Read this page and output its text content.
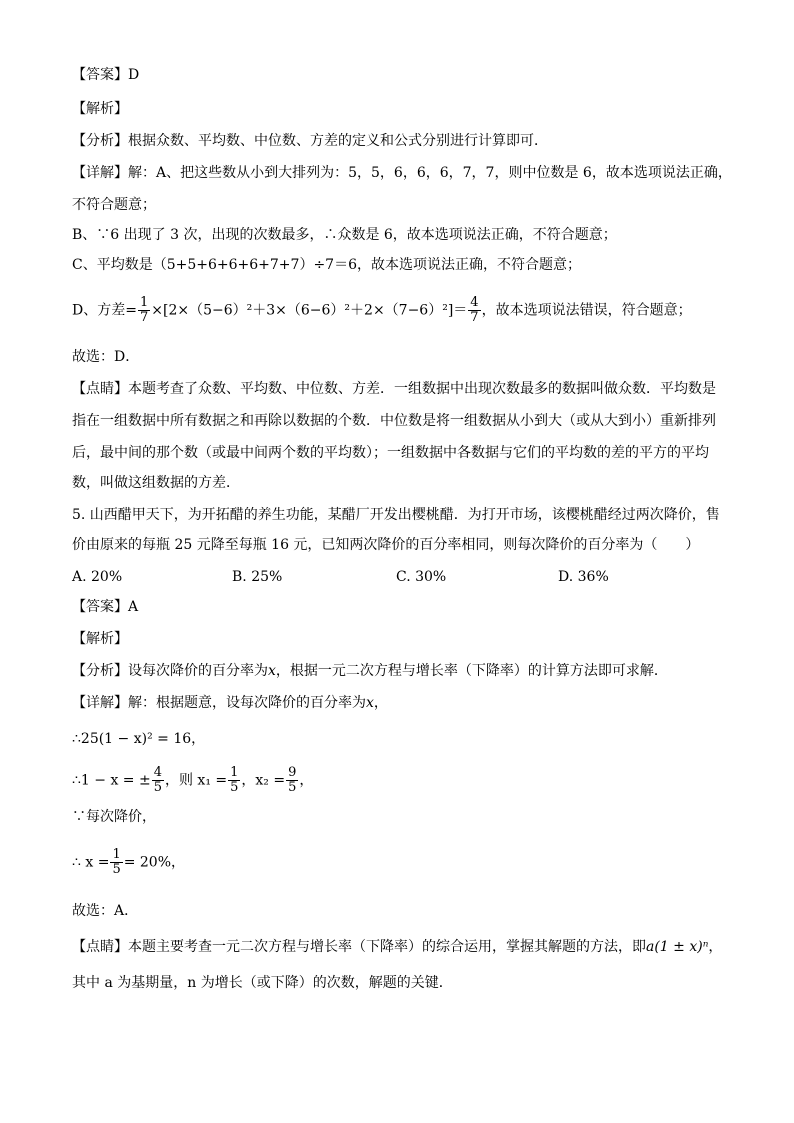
【答案】D
【解析】
【分析】根据众数、平均数、中位数、方差的定义和公式分别进行计算即可．
【详解】解：A、把这些数从小到大排列为：5，5，6，6，6，7，7，则中位数是 6，故本选项说法正确，
不符合题意；
B、∵6 出现了 3 次，出现的次数最多，∴众数是 6，故本选项说法正确，不符合题意；
C、平均数是（5+5+6+6+6+7+7）÷7＝6，故本选项说法正确，不符合题意；
D、方差= $\frac{1}{7} \times[2\times(5-6)^2+3\times(6-6)^2+2\times(7-6)^2]= \frac{4}{7}$ ，故本选项说法错误，符合题意；
故选：D．
【点睛】本题考查了众数、平均数、中位数、方差．一组数据中出现次数最多的数据叫做众数．平均数是
指在一组数据中所有数据之和再除以数据的个数．中位数是将一组数据从小到大（或从大到小）重新排列
后，最中间的那个数（或最中间两个数的平均数）；一组数据中各数据与它们的平均数的差的平方的平均
数，叫做这组数据的方差．
5. 山西醋甲天下，为开拓醋的养生功能，某醋厂开发出樱桃醋．为打开市场，该樱桃醋经过两次降价，售
价由原来的每瓶 25 元降至每瓶 16 元，已知两次降价的百分率相同，则每次降价的百分率为（　　）
A. 20%	B. 25%	C. 30%	D. 36%
【答案】A
【解析】
【分析】设每次降价的百分率为x，根据一元二次方程与增长率（下降率）的计算方法即可求解．
【详解】解：根据题意，设每次降价的百分率为x，
∴25(1 − x)² = 16，
∴1 − x = ± $\frac{4}{5}$ ，则 $x_1 = \frac{1}{5}$ ，$x_2 = \frac{9}{5}$ ，
∵每次降价，
∴ $x = \frac{1}{5} = 20\%$，
故选：A．
【点睛】本题主要考查一元二次方程与增长率（下降率）的综合运用，掌握其解题的方法，即a(1 ± x)ⁿ，
其中 a 为基期量，n 为增长（或下降）的次数，解题的关键．
